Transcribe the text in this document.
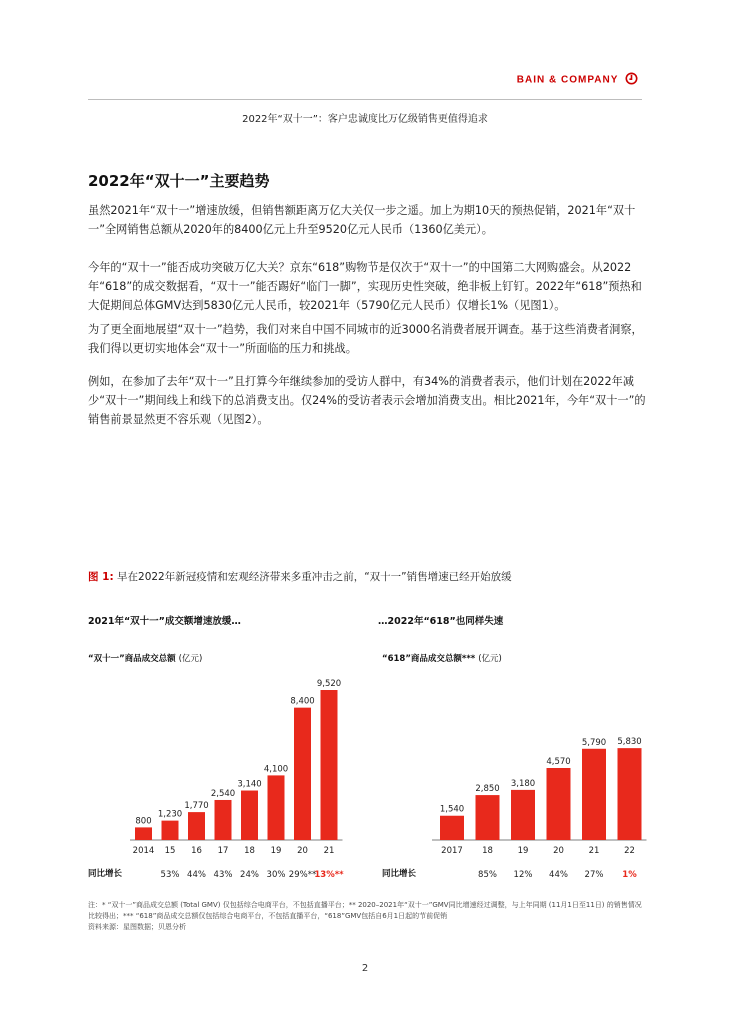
BAIN & COMPANY
2022年“双十一”：客户忠诚度比万亿级销售更值得追求
2022年“双十一”主要趋势

虽然2021年“双十一”增速放缓，但销售额距离万亿大关仅一步之遥。加上为期10天的预热促销，2021年“双十一”全网销售总额从2020年的8400亿元上升至9520亿元人民币（1360亿美元）。

今年的“双十一”能否成功突破万亿大关？京东“618”购物节是仅次于“双十一”的中国第二大网购盛会。从2022年“618”的成交数据看，“双十一”能否踢好“临门一脚”，实现历史性突破，绝非板上钉钉。2022年“618”预热和大促期间总体GMV达到5830亿元人民币，较2021年（5790亿元人民币）仅增长1%（见图1）。

为了更全面地展望“双十一”趋势，我们对来自中国不同城市的近3000名消费者展开调查。基于这些消费者洞察，我们得以更切实地体会“双十一”所面临的压力和挑战。

例如，在参加了去年“双十一”且打算今年继续参加的受访人群中，有34%的消费者表示，他们计划在2022年减少“双十一”期间线上和线下的总消费支出。仅24%的受访者表示会增加消费支出。相比2021年，今年“双十一”的销售前景显然更不容乐观（见图2）。

图 1: 早在2022年新冠疫情和宏观经济带来多重冲击之前，“双十一”销售增速已经开始放缓
2021年“双十一”成交额增速放缓…	…2022年“618”也同样失速
“双十一”商品成交总额 (亿元)	“618”商品成交总额*** (亿元)
800
2014
1,230
15
53%
1,770
16
44%
2,540
17
43%
3,140
18
24%
4,100
19
30%
8,400
20
29%**
9,520
21
13%**
1,540
2017
2,850
18
85%
3,180
19
12%
4,570
20
44%
5,790
21
27%
5,830
22
1%
同比增长	同比增长

注：* “双十一”商品成交总额 (Total GMV) 仅包括综合电商平台，不包括直播平台；** 2020–2021年“双十一”GMV同比增速经过调整，与上年同期 (11月1日至11日) 的销售情况比较得出；*** “618”商品成交总额仅包括综合电商平台，不包括直播平台，“618”GMV包括自6月1日起的节前促销

资料来源：星图数据；贝恩分析

2
